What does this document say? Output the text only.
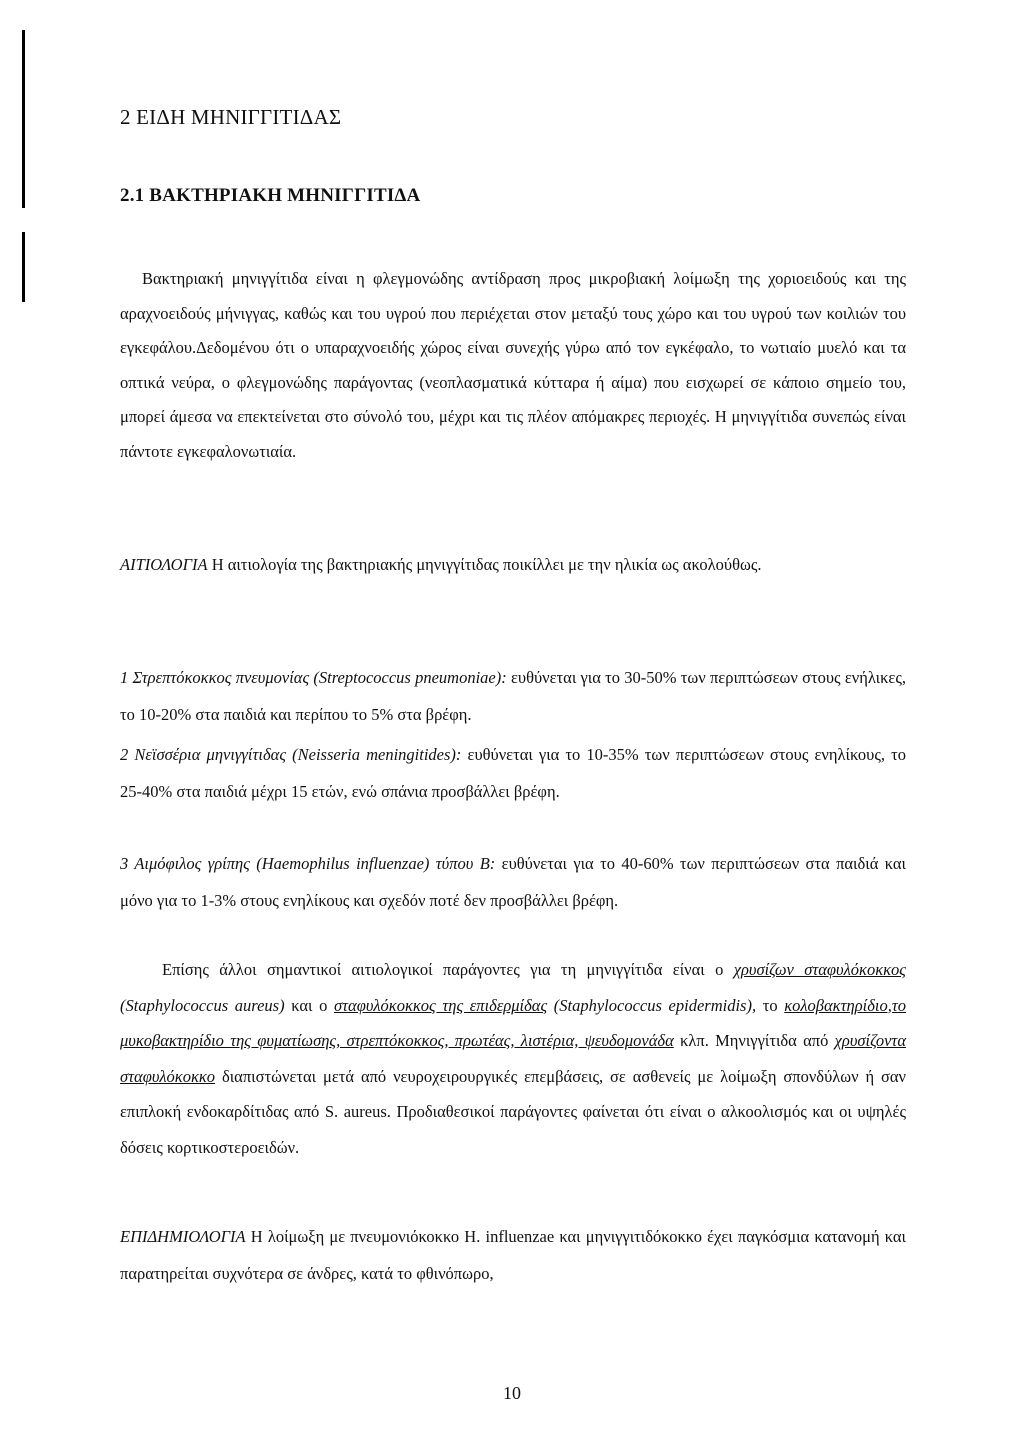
2 ΕΙΔΗ ΜΗΝΙΓΓΙΤΙΔΑΣ
2.1 ΒΑΚΤΗΡΙΑΚΗ ΜΗΝΙΓΓΙΤΙΔΑ

Βακτηριακή μηνιγγίτιδα είναι η φλεγμονώδης αντίδραση προς μικροβιακή λοίμωξη της χοριοειδούς και της αραχνοειδούς μήνιγγας, καθώς και του υγρού που περιέχεται στον μεταξύ τους χώρο και του υγρού των κοιλιών του εγκεφάλου.Δεδομένου ότι ο υπαραχνοειδής χώρος είναι συνεχής γύρω από τον εγκέφαλο, το νωτιαίο μυελό και τα οπτικά νεύρα, ο φλεγμονώδης παράγοντας (νεοπλασματικά κύτταρα ή αίμα) που εισχωρεί σε κάποιο σημείο του, μπορεί άμεσα να επεκτείνεται στο σύνολό του, μέχρι και τις πλέον απόμακρες περιοχές. Η μηνιγγίτιδα συνεπώς είναι πάντοτε εγκεφαλονωτιαία.

ΑΙΤΙΟΛΟΓΙΑ Η αιτιολογία της βακτηριακής μηνιγγίτιδας ποικίλλει με την ηλικία ως ακολούθως.

1 Στρεπτόκοκκος πνευμονίας (Streptococcus pneumoniae): ευθύνεται για το 30-50% των περιπτώσεων στους ενήλικες, το 10-20% στα παιδιά και περίπου το 5% στα βρέφη.

2 Νεϊσσέρια μηνιγγίτιδας (Neisseria meningitides): ευθύνεται για το 10-35% των περιπτώσεων στους ενηλίκους, το 25-40% στα παιδιά μέχρι 15 ετών, ενώ σπάνια προσβάλλει βρέφη.

3 Αιμόφιλος γρίπης (Haemophilus influenzae) τύπου Β: ευθύνεται για το 40-60% των περιπτώσεων στα παιδιά και μόνο για το 1-3% στους ενηλίκους και σχεδόν ποτέ δεν προσβάλλει βρέφη.

Επίσης άλλοι σημαντικοί αιτιολογικοί παράγοντες για τη μηνιγγίτιδα είναι ο χρυσίζων σταφυλόκοκκος (Staphylococcus aureus) και ο σταφυλόκοκκος της επιδερμίδας (Staphylococcus epidermidis), το κολοβακτηρίδιο,το μυκοβακτηρίδιο της φυματίωσης, στρεπτόκοκκος, πρωτέας, λιστέρια, ψευδομονάδα κλπ. Μηνιγγίτιδα από χρυσίζοντα σταφυλόκοκκο διαπιστώνεται μετά από νευροχειρουργικές επεμβάσεις, σε ασθενείς με λοίμωξη σπονδύλων ή σαν επιπλοκή ενδοκαρδίτιδας από S. aureus. Προδιαθεσικοί παράγοντες φαίνεται ότι είναι ο αλκοολισμός και οι υψηλές δόσεις κορτικοστεροειδών.

ΕΠΙΔΗΜΙΟΛΟΓΙΑ Η λοίμωξη με πνευμονιόκοκκο Η. influenzae και μηνιγγιτιδόκοκκο έχει παγκόσμια κατανομή και παρατηρείται συχνότερα σε άνδρες, κατά το φθινόπωρο,

10
